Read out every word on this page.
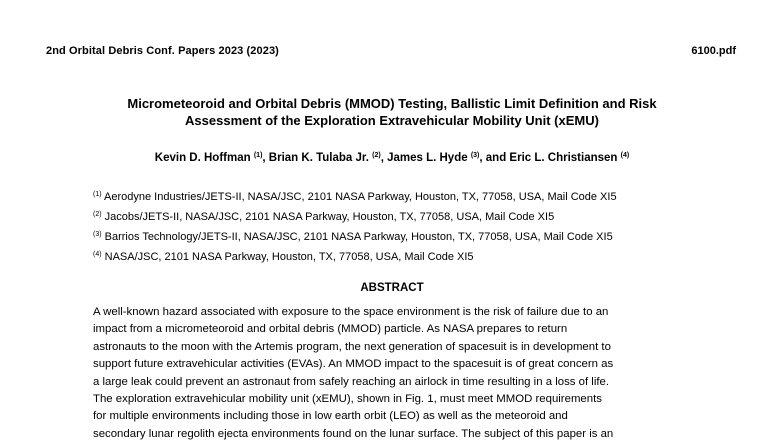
2nd Orbital Debris Conf. Papers 2023 (2023)	6100.pdf
Micrometeoroid and Orbital Debris (MMOD) Testing, Ballistic Limit Definition and Risk
Assessment of the Exploration Extravehicular Mobility Unit (xEMU)
Kevin D. Hoffman $^{(1)}$, Brian K. Tulaba Jr. $^{(2)}$, James L. Hyde $^{(3)}$, and Eric L. Christiansen $^{(4)}$
$^{(1)}$ Aerodyne Industries/JETS-II, NASA/JSC, 2101 NASA Parkway, Houston, TX, 77058, USA, Mail Code XI5
$^{(2)}$ Jacobs/JETS-II, NASA/JSC, 2101 NASA Parkway, Houston, TX, 77058, USA, Mail Code XI5
$^{(3)}$ Barrios Technology/JETS-II, NASA/JSC, 2101 NASA Parkway, Houston, TX, 77058, USA, Mail Code XI5
$^{(4)}$ NASA/JSC, 2101 NASA Parkway, Houston, TX, 77058, USA, Mail Code XI5
ABSTRACT
A well-known hazard associated with exposure to the space environment is the risk of failure due to an
impact from a micrometeoroid and orbital debris (MMOD) particle. As NASA prepares to return
astronauts to the moon with the Artemis program, the next generation of spacesuit is in development to
support future extravehicular activities (EVAs). An MMOD impact to the spacesuit is of great concern as
a large leak could prevent an astronaut from safely reaching an airlock in time resulting in a loss of life.
The exploration extravehicular mobility unit (xEMU), shown in Fig. 1, must meet MMOD requirements
for multiple environments including those in low earth orbit (LEO) as well as the meteoroid and
secondary lunar regolith ejecta environments found on the lunar surface. The subject of this paper is an
